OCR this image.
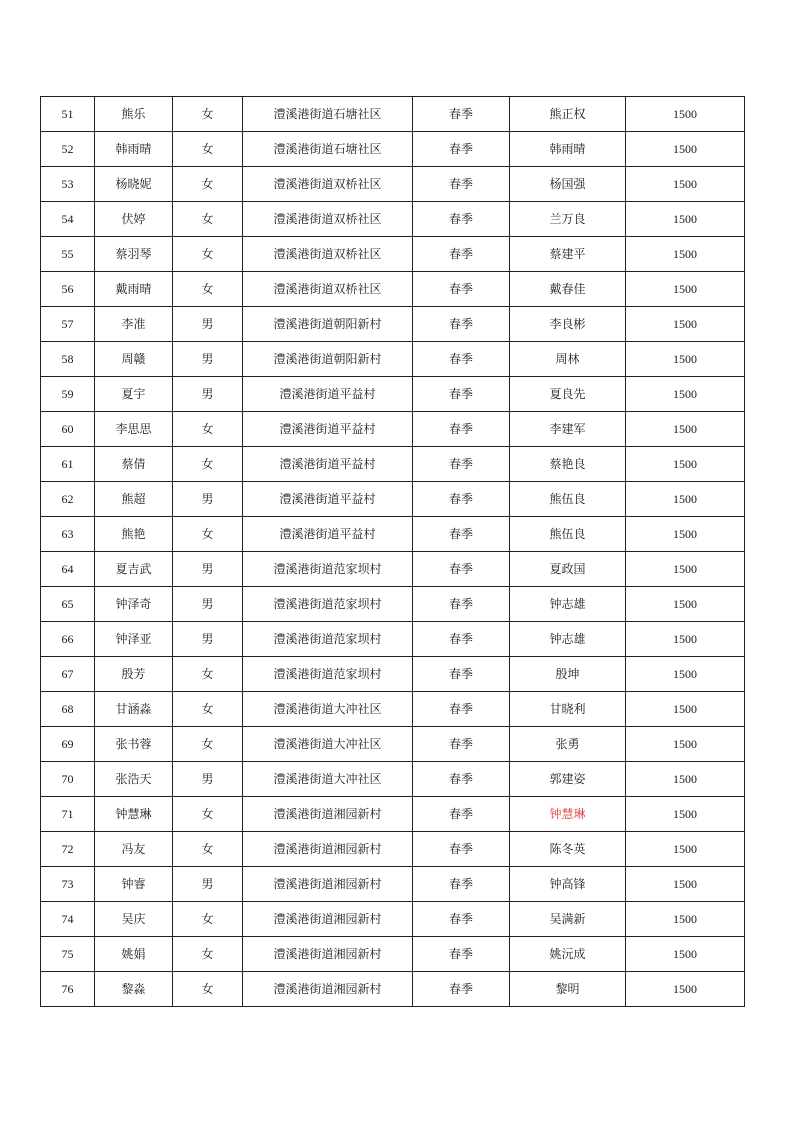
51	熊乐	女	澧溪港街道石塘社区	春季	熊正权	1500
52	韩雨晴	女	澧溪港街道石塘社区	春季	韩雨晴	1500
53	杨晓妮	女	澧溪港街道双桥社区	春季	杨国强	1500
54	伏婷	女	澧溪港街道双桥社区	春季	兰万良	1500
55	蔡羽琴	女	澧溪港街道双桥社区	春季	蔡建平	1500
56	戴雨晴	女	澧溪港街道双桥社区	春季	戴春佳	1500
57	李准	男	澧溪港街道朝阳新村	春季	李良彬	1500
58	周赣	男	澧溪港街道朝阳新村	春季	周林	1500
59	夏宇	男	澧溪港街道平益村	春季	夏良先	1500
60	李思思	女	澧溪港街道平益村	春季	李建军	1500
61	蔡倩	女	澧溪港街道平益村	春季	蔡艳良	1500
62	熊超	男	澧溪港街道平益村	春季	熊伍良	1500
63	熊艳	女	澧溪港街道平益村	春季	熊伍良	1500
64	夏吉武	男	澧溪港街道范家坝村	春季	夏政国	1500
65	钟泽奇	男	澧溪港街道范家坝村	春季	钟志雄	1500
66	钟泽亚	男	澧溪港街道范家坝村	春季	钟志雄	1500
67	殷芳	女	澧溪港街道范家坝村	春季	殷坤	1500
68	甘涵淼	女	澧溪港街道大冲社区	春季	甘晓利	1500
69	张书蓉	女	澧溪港街道大冲社区	春季	张勇	1500
70	张浩天	男	澧溪港街道大冲社区	春季	郭建姿	1500
71	钟慧琳	女	澧溪港街道湘园新村	春季	钟慧琳	1500
72	冯友	女	澧溪港街道湘园新村	春季	陈冬英	1500
73	钟睿	男	澧溪港街道湘园新村	春季	钟高锋	1500
74	吴庆	女	澧溪港街道湘园新村	春季	吴满新	1500
75	姚娟	女	澧溪港街道湘园新村	春季	姚沅成	1500
76	黎淼	女	澧溪港街道湘园新村	春季	黎明	1500
